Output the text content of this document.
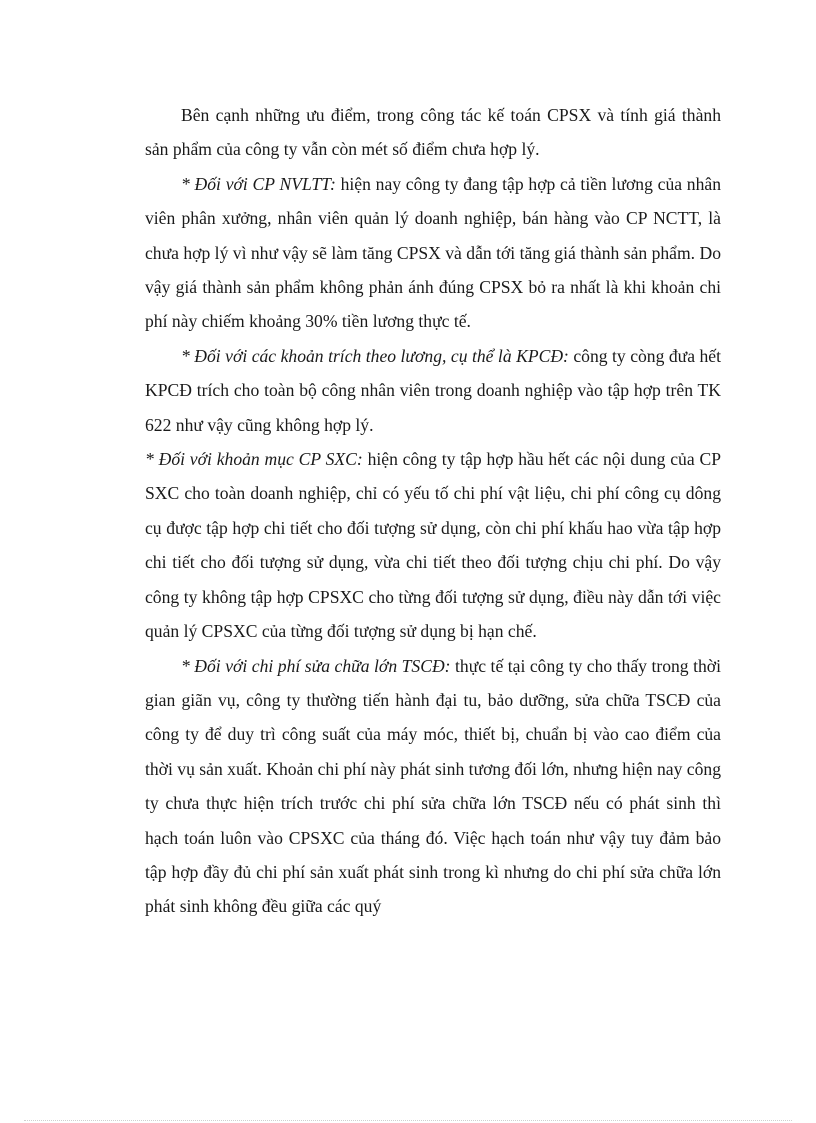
Bên cạnh những ưu điểm, trong công tác kế toán CPSX và tính giá thành sản phẩm của công ty vẫn còn mét số điểm chưa hợp lý.

* Đối với CP NVLTT: hiện nay công ty đang tập hợp cả tiền lương của nhân viên phân xưởng, nhân viên quản lý doanh nghiệp, bán hàng vào CP NCTT, là chưa hợp lý vì như vậy sẽ làm tăng CPSX và dẫn tới tăng giá thành sản phẩm. Do vậy giá thành sản phẩm không phản ánh đúng CPSX bỏ ra nhất là khi khoản chi phí này chiếm khoảng 30% tiền lương thực tế.

* Đối với các khoản trích theo lương, cụ thể là KPCĐ: công ty còng đưa hết KPCĐ trích cho toàn bộ công nhân viên trong doanh nghiệp vào tập hợp trên TK 622 như vậy cũng không hợp lý.

* Đối với khoản mục CP SXC: hiện công ty tập hợp hầu hết các nội dung của CP SXC cho toàn doanh nghiệp, chỉ có yếu tố chi phí vật liệu, chi phí công cụ dông cụ được tập hợp chi tiết cho đối tượng sử dụng, còn chi phí khấu hao vừa tập hợp chi tiết cho đối tượng sử dụng, vừa chi tiết theo đối tượng chịu chi phí. Do vậy công ty không tập hợp CPSXC cho từng đối tượng sử dụng, điều này dẫn tới việc quản lý CPSXC của từng đối tượng sử dụng bị hạn chế.

* Đối với chi phí sửa chữa lớn TSCĐ: thực tế tại công ty cho thấy trong thời gian giãn vụ, công ty thường tiến hành đại tu, bảo dưỡng, sửa chữa TSCĐ của công ty để duy trì công suất của máy móc, thiết bị, chuẩn bị vào cao điểm của thời vụ sản xuất. Khoản chi phí này phát sinh tương đối lớn, nhưng hiện nay công ty chưa thực hiện trích trước chi phí sửa chữa lớn TSCĐ nếu có phát sinh thì hạch toán luôn vào CPSXC của tháng đó. Việc hạch toán như vậy tuy đảm bảo tập hợp đầy đủ chi phí sản xuất phát sinh trong kì nhưng do chi phí sửa chữa lớn phát sinh không đều giữa các quý
